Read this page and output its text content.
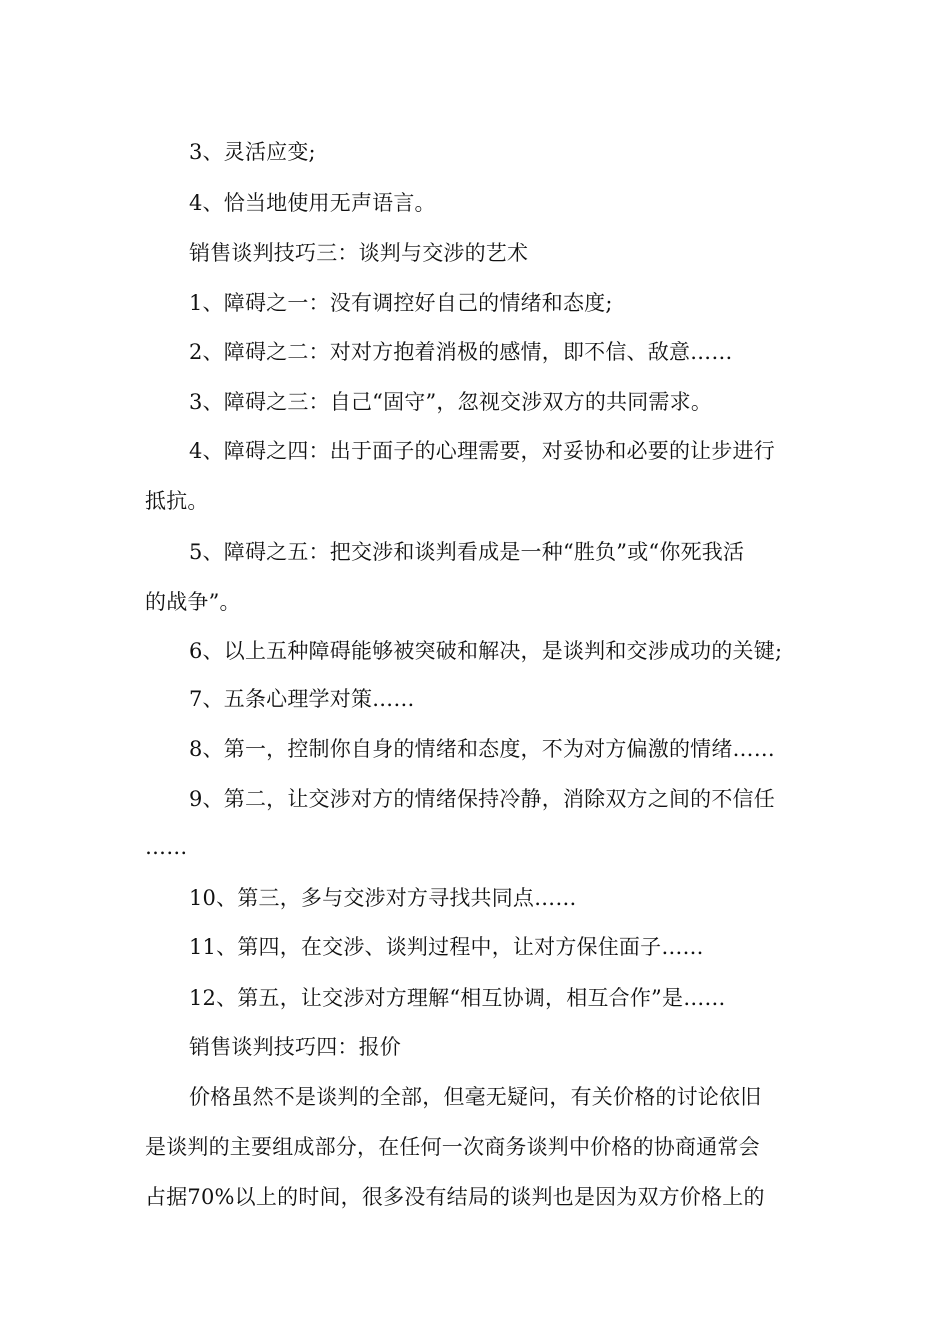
3、灵活应变;
4、恰当地使用无声语言。
销售谈判技巧三：谈判与交涉的艺术
1、障碍之一：没有调控好自己的情绪和态度;
2、障碍之二：对对方抱着消极的感情，即不信、敌意……
3、障碍之三：自己“固守”，忽视交涉双方的共同需求。
4、障碍之四：出于面子的心理需要，对妥协和必要的让步进行
抵抗。
5、障碍之五：把交涉和谈判看成是一种“胜负”或“你死我活
的战争”。
6、以上五种障碍能够被突破和解决，是谈判和交涉成功的关键;
7、五条心理学对策……
8、第一，控制你自身的情绪和态度，不为对方偏激的情绪……
9、第二，让交涉对方的情绪保持冷静，消除双方之间的不信任
……
10、第三，多与交涉对方寻找共同点……
11、第四，在交涉、谈判过程中，让对方保住面子……
12、第五，让交涉对方理解“相互协调，相互合作”是……
销售谈判技巧四：报价
价格虽然不是谈判的全部，但毫无疑问，有关价格的讨论依旧
是谈判的主要组成部分，在任何一次商务谈判中价格的协商通常会
占据70%以上的时间，很多没有结局的谈判也是因为双方价格上的
